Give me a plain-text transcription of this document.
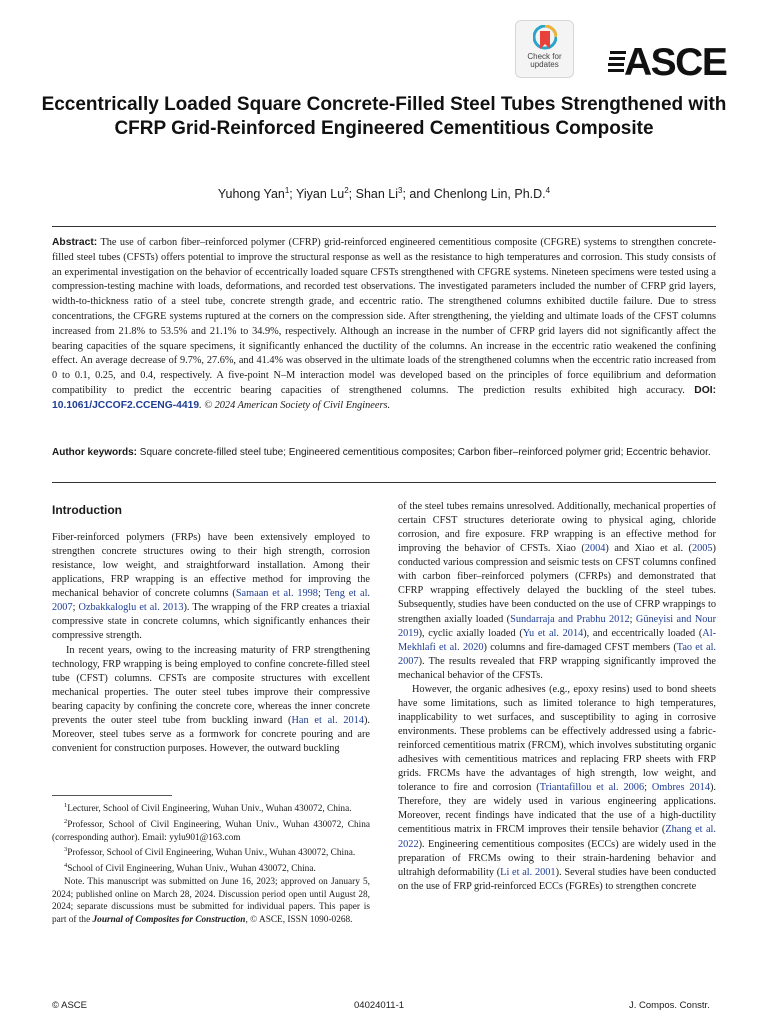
Check for
updates	ASCE
Eccentrically Loaded Square Concrete-Filled Steel Tubes Strengthened with CFRP Grid-Reinforced Engineered Cementitious Composite
Yuhong Yan$^1$; Yiyan Lu$^2$; Shan Li$^3$; and Chenlong Lin, Ph.D.$^4$
Abstract: The use of carbon fiber–reinforced polymer (CFRP) grid-reinforced engineered cementitious composite (CFGRE) systems to strengthen concrete-filled steel tubes (CFSTs) offers potential to improve the structural response as well as the resistance to high temperatures and corrosion. This study consists of an experimental investigation on the behavior of eccentrically loaded square CFSTs strengthened with CFGRE systems. Nineteen specimens were tested using a compression-testing machine with loads, deformations, and recorded test observations. The investigated parameters included the number of CFRP grid layers, width-to-thickness ratio of a steel tube, concrete strength grade, and eccentric ratio. The strengthened columns exhibited ductile failure. Due to stress concentrations, the CFGRE systems ruptured at the corners on the compression side. After strengthening, the yielding and ultimate loads of the CFST columns increased from 21.8% to 53.5% and 21.1% to 34.9%, respectively. Although an increase in the number of CFRP grid layers did not significantly affect the bearing capacities of the square specimens, it significantly enhanced the ductility of the columns. An increase in the eccentric ratio weakened the confining effect. An average decrease of 9.7%, 27.6%, and 41.4% was observed in the ultimate loads of the strengthened columns when the eccentric ratio increased from 0 to 0.1, 0.25, and 0.4, respectively. A five-point N–M interaction model was developed based on the principles of force equilibrium and deformation compatibility to predict the eccentric bearing capacities of strengthened columns. The prediction results exhibited high accuracy. DOI: 10.1061/JCCOF2.CCENG-4419. © 2024 American Society of Civil Engineers.
Author keywords: Square concrete-filled steel tube; Engineered cementitious composites; Carbon fiber–reinforced polymer grid; Eccentric behavior.
Introduction

Fiber-reinforced polymers (FRPs) have been extensively employed to strengthen concrete structures owing to their high strength, corrosion resistance, low weight, and straightforward installation. Among their applications, FRP wrapping is an effective method for improving the mechanical behavior of concrete columns (Samaan et al. 1998; Teng et al. 2007; Ozbakkaloglu et al. 2013). The wrapping of the FRP creates a triaxial compressive state in concrete columns, which significantly enhances their compressive strength.

In recent years, owing to the increasing maturity of FRP strengthening technology, FRP wrapping is being employed to confine concrete-filled steel tube (CFST) columns. CFSTs are composite structures with excellent mechanical properties. The outer steel tubes improve their compressive bearing capacity by confining the concrete core, whereas the inner concrete prevents the outer steel tube from buckling inward (Han et al. 2014). Moreover, steel tubes serve as a formwork for concrete pouring and are convenient for construction purposes. However, the outward buckling

$^1$Lecturer, School of Civil Engineering, Wuhan Univ., Wuhan 430072, China.

$^2$Professor, School of Civil Engineering, Wuhan Univ., Wuhan 430072, China (corresponding author). Email: yylu901@163.com

$^3$Professor, School of Civil Engineering, Wuhan Univ., Wuhan 430072, China.

$^4$School of Civil Engineering, Wuhan Univ., Wuhan 430072, China.

Note. This manuscript was submitted on June 16, 2023; approved on January 5, 2024; published online on March 28, 2024. Discussion period open until August 28, 2024; separate discussions must be submitted for individual papers. This paper is part of the Journal of Composites for Construction, © ASCE, ISSN 1090-0268.

of the steel tubes remains unresolved. Additionally, mechanical properties of certain CFST structures deteriorate owing to physical aging, chloride corrosion, and fire exposure. FRP wrapping is an effective method for improving the behavior of CFSTs. Xiao (2004) and Xiao et al. (2005) conducted various compression and seismic tests on CFST columns confined with carbon fiber–reinforced polymers (CFRPs) and demonstrated that CFRP wrapping effectively delayed the buckling of the steel tubes. Subsequently, studies have been conducted on the use of CFRP wrappings to strengthen axially loaded (Sundarraja and Prabhu 2012; Güneyisi and Nour 2019), cyclic axially loaded (Yu et al. 2014), and eccentrically loaded (Al-Mekhlafi et al. 2020) columns and fire-damaged CFST members (Tao et al. 2007). The results revealed that FRP wrapping significantly improved the mechanical behavior of the CFSTs.

However, the organic adhesives (e.g., epoxy resins) used to bond sheets have some limitations, such as limited tolerance to high temperatures, inapplicability to wet surfaces, and susceptibility to aging in corrosive environments. These problems can be effectively addressed using a fabric-reinforced cementitious matrix (FRCM), which involves substituting organic adhesives with cementitious matrices and replacing FRP sheets with FRP grids. FRCMs have the advantages of high strength, low weight, and tolerance to fire and corrosion (Triantafillou et al. 2006; Ombres 2014). Therefore, they are widely used in various engineering applications. Moreover, recent findings have indicated that the use of a high-ductility cementitious matrix in FRCM improves their tensile behavior (Zhang et al. 2022). Engineering cementitious composites (ECCs) are widely used in the preparation of FRCMs owing to their strain-hardening behavior and ultrahigh deformability (Li et al. 2001). Several studies have been conducted on the use of FRP grid-reinforced ECCs (FGREs) to strengthen concrete

© ASCE	04024011-1	J. Compos. Constr.
